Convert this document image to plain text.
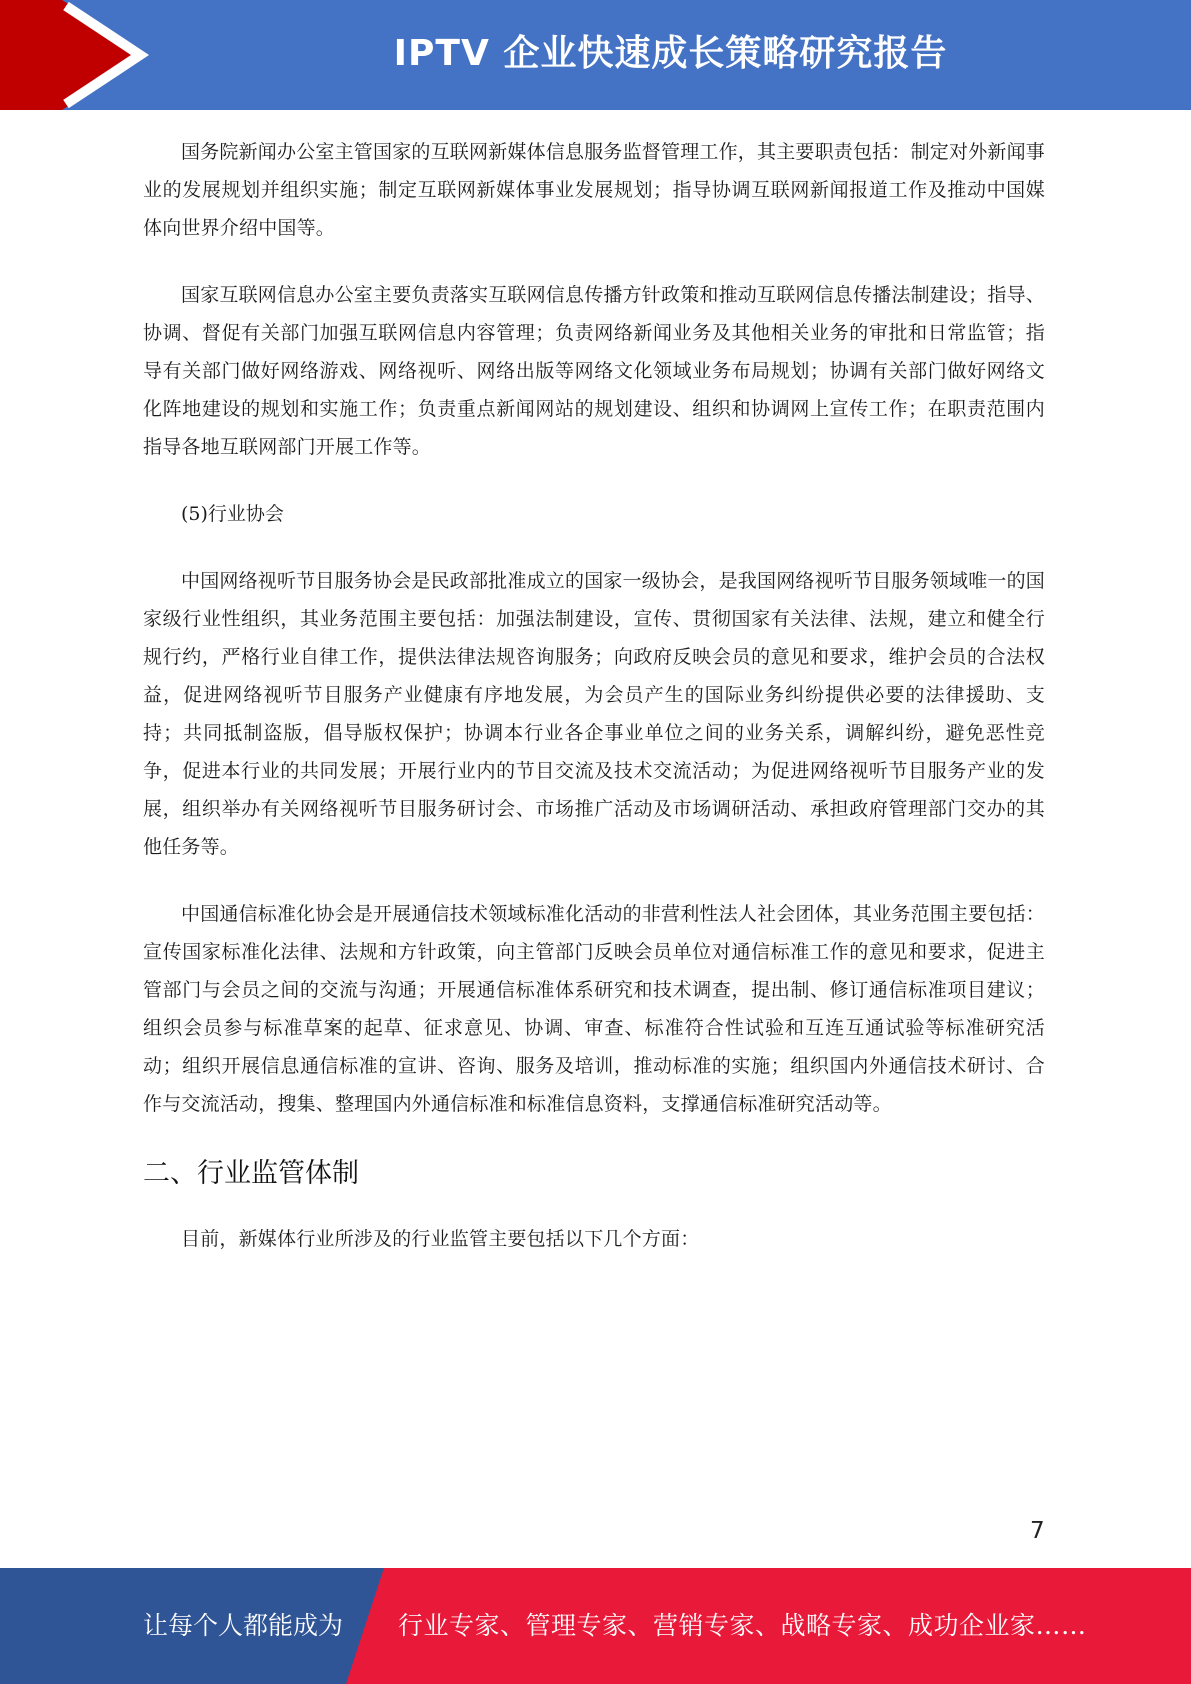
IPTV 企业快速成长策略研究报告

国务院新闻办公室主管国家的互联网新媒体信息服务监督管理工作，其主要职责包括：制定对外新闻事业的发展规划并组织实施；制定互联网新媒体事业发展规划；指导协调互联网新闻报道工作及推动中国媒体向世界介绍中国等。

国家互联网信息办公室主要负责落实互联网信息传播方针政策和推动互联网信息传播法制建设；指导、协调、督促有关部门加强互联网信息内容管理；负责网络新闻业务及其他相关业务的审批和日常监管；指导有关部门做好网络游戏、网络视听、网络出版等网络文化领域业务布局规划；协调有关部门做好网络文化阵地建设的规划和实施工作；负责重点新闻网站的规划建设、组织和协调网上宣传工作；在职责范围内指导各地互联网部门开展工作等。

(5)行业协会

中国网络视听节目服务协会是民政部批准成立的国家一级协会，是我国网络视听节目服务领域唯一的国家级行业性组织，其业务范围主要包括：加强法制建设，宣传、贯彻国家有关法律、法规，建立和健全行规行约，严格行业自律工作，提供法律法规咨询服务；向政府反映会员的意见和要求，维护会员的合法权益，促进网络视听节目服务产业健康有序地发展，为会员产生的国际业务纠纷提供必要的法律援助、支持；共同抵制盗版，倡导版权保护；协调本行业各企事业单位之间的业务关系，调解纠纷，避免恶性竞争，促进本行业的共同发展；开展行业内的节目交流及技术交流活动；为促进网络视听节目服务产业的发展，组织举办有关网络视听节目服务研讨会、市场推广活动及市场调研活动、承担政府管理部门交办的其他任务等。

中国通信标准化协会是开展通信技术领域标准化活动的非营利性法人社会团体，其业务范围主要包括：宣传国家标准化法律、法规和方针政策，向主管部门反映会员单位对通信标准工作的意见和要求，促进主管部门与会员之间的交流与沟通；开展通信标准体系研究和技术调查，提出制、修订通信标准项目建议；组织会员参与标准草案的起草、征求意见、协调、审查、标准符合性试验和互连互通试验等标准研究活动；组织开展信息通信标准的宣讲、咨询、服务及培训，推动标准的实施；组织国内外通信技术研讨、合作与交流活动，搜集、整理国内外通信标准和标准信息资料，支撑通信标准研究活动等。

二、行业监管体制

目前，新媒体行业所涉及的行业监管主要包括以下几个方面：

7
让每个人都能成为 行业专家、管理专家、营销专家、战略专家、成功企业家……
